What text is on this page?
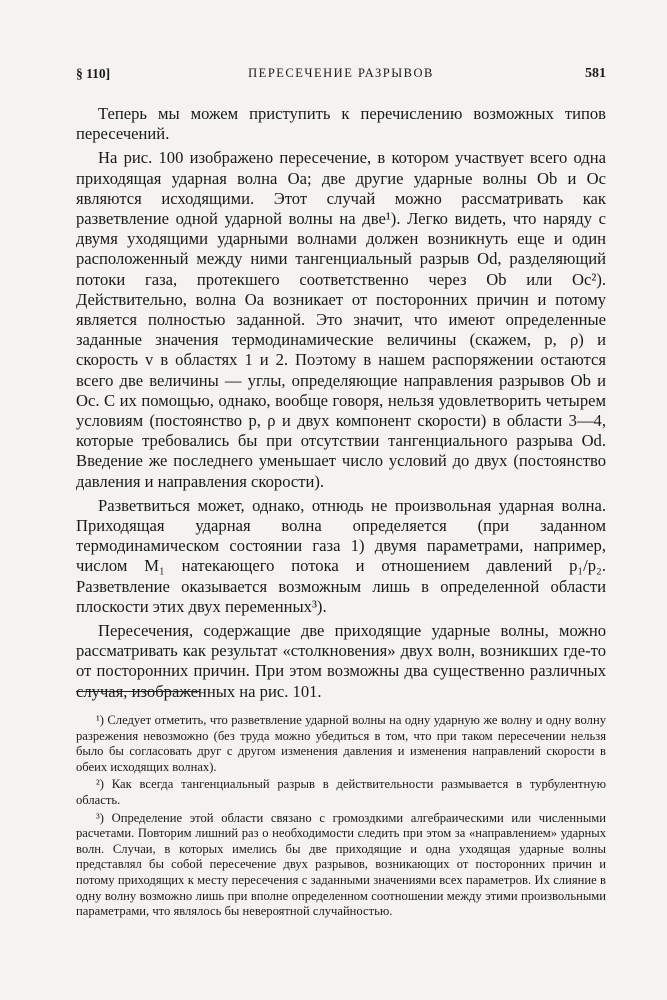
§ 110]	ПЕРЕСЕЧЕНИЕ РАЗРЫВОВ	581

Теперь мы можем приступить к перечислению возможных типов пересечений.

На рис. 100 изображено пересечение, в котором участвует всего одна приходящая ударная волна Oa; две другие ударные волны Ob и Oc являются исходящими. Этот случай можно рассматривать как разветвление одной ударной волны на две¹). Легко видеть, что наряду с двумя уходящими ударными волнами должен возникнуть еще и один расположенный между ними тангенциальный разрыв Od, разделяющий потоки газа, протекшего соответственно через Ob или Oc²). Действительно, волна Oa возникает от посторонних причин и потому является полностью заданной. Это значит, что имеют определенные заданные значения термодинамические величины (скажем, p, ρ) и скорость v в областях 1 и 2. Поэтому в нашем распоряжении остаются всего две величины — углы, определяющие направления разрывов Ob и Oc. С их помощью, однако, вообще говоря, нельзя удовлетворить четырем условиям (постоянство p, ρ и двух компонент скорости) в области 3—4, которые требовались бы при отсутствии тангенциального разрыва Od. Введение же последнего уменьшает число условий до двух (постоянство давления и направления скорости).

Разветвиться может, однако, отнюдь не произвольная ударная волна. Приходящая ударная волна определяется (при заданном термодинамическом состоянии газа 1) двумя параметрами, например, числом M₁ натекающего потока и отношением давлений p₁/p₂. Разветвление оказывается возможным лишь в определенной области плоскости этих двух переменных³).

Пересечения, содержащие две приходящие ударные волны, можно рассматривать как результат «столкновения» двух волн, возникших где-то от посторонних причин. При этом возможны два существенно различных случая, изображенных на рис. 101.

¹) Следует отметить, что разветвление ударной волны на одну ударную же волну и одну волну разрежения невозможно (без труда можно убедиться в том, что при таком пересечении нельзя было бы согласовать друг с другом изменения давления и изменения направлений скорости в обеих исходящих волнах).

²) Как всегда тангенциальный разрыв в действительности размывается в турбулентную область.

³) Определение этой области связано с громоздкими алгебраическими или численными расчетами. Повторим лишний раз о необходимости следить при этом за «направлением» ударных волн. Случаи, в которых имелись бы две приходящие и одна уходящая ударные волны представлял бы собой пересечение двух разрывов, возникающих от посторонних причин и потому приходящих к месту пересечения с заданными значениями всех параметров. Их слияние в одну волну возможно лишь при вполне определенном соотношении между этими произвольными параметрами, что являлось бы невероятной случайностью.
